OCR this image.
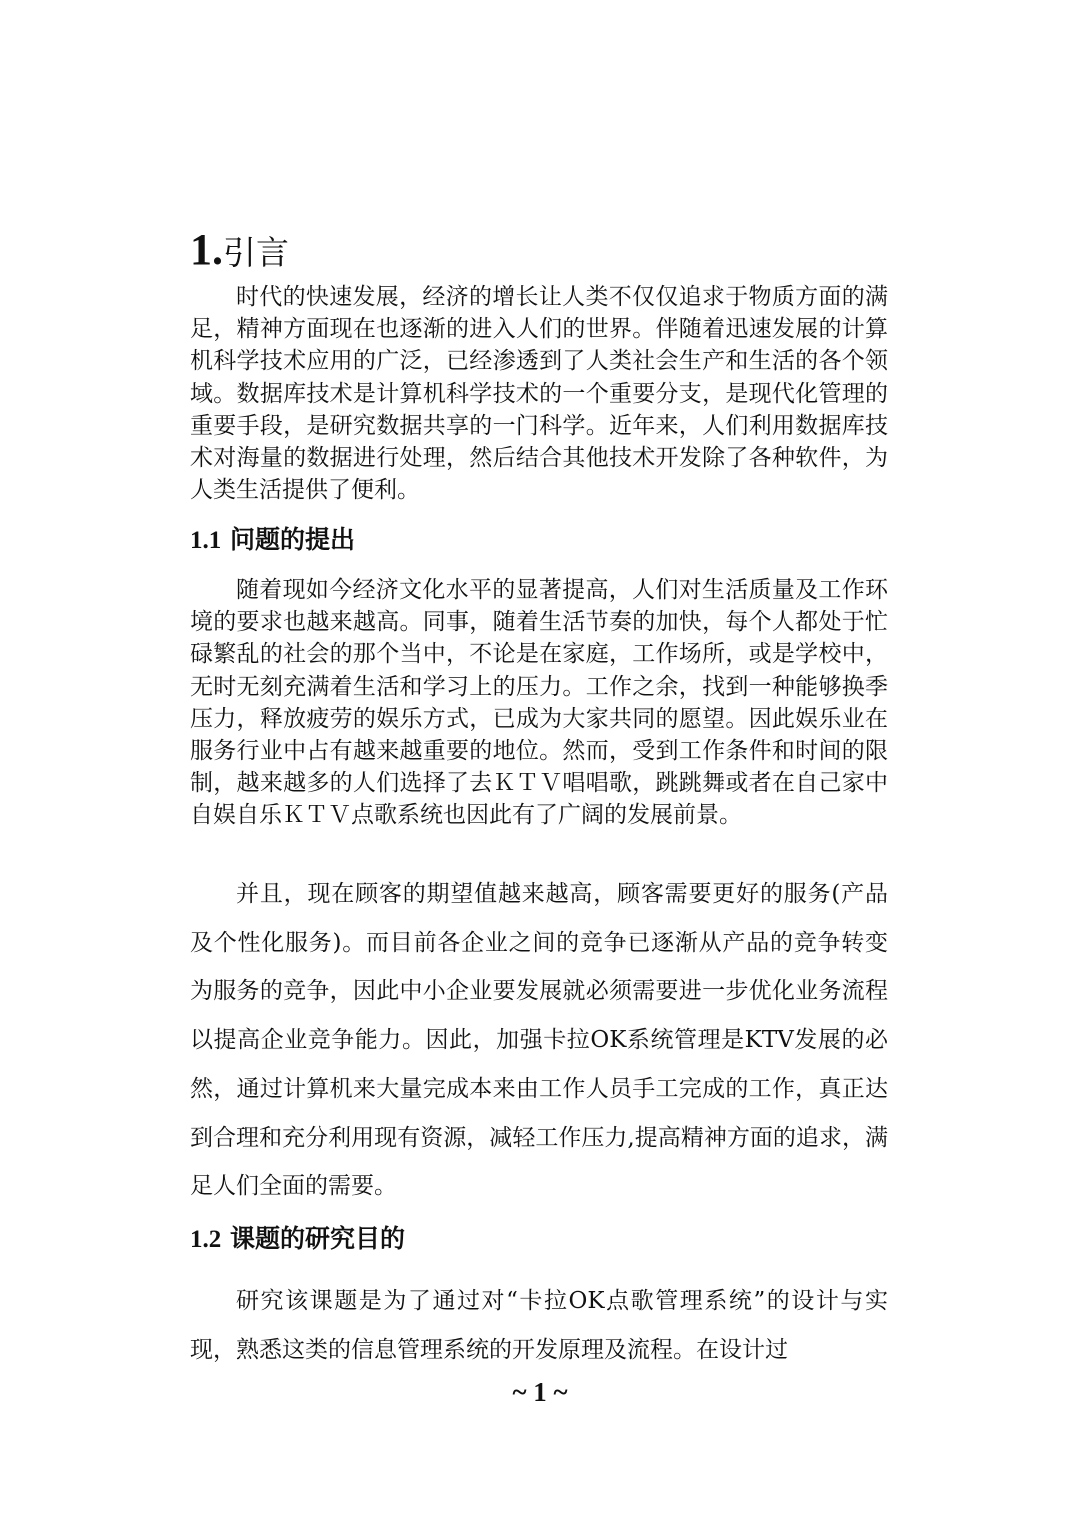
1.引言

时代的快速发展，经济的增长让人类不仅仅追求于物质方面的满足，精神方面现在也逐渐的进入人们的世界。伴随着迅速发展的计算机科学技术应用的广泛，已经渗透到了人类社会生产和生活的各个领域。数据库技术是计算机科学技术的一个重要分支，是现代化管理的重要手段，是研究数据共享的一门科学。近年来，人们利用数据库技术对海量的数据进行处理，然后结合其他技术开发除了各种软件，为人类生活提供了便利。

1.1 问题的提出

随着现如今经济文化水平的显著提高，人们对生活质量及工作环境的要求也越来越高。同事，随着生活节奏的加快，每个人都处于忙碌繁乱的社会的那个当中，不论是在家庭，工作场所，或是学校中，无时无刻充满着生活和学习上的压力。工作之余，找到一种能够换季压力，释放疲劳的娱乐方式，已成为大家共同的愿望。因此娱乐业在服务行业中占有越来越重要的地位。然而，受到工作条件和时间的限制，越来越多的人们选择了去ＫＴＶ唱唱歌，跳跳舞或者在自己家中自娱自乐ＫＴＶ点歌系统也因此有了广阔的发展前景。

并且，现在顾客的期望值越来越高，顾客需要更好的服务(产品及个性化服务)。而目前各企业之间的竞争已逐渐从产品的竞争转变为服务的竞争，因此中小企业要发展就必须需要进一步优化业务流程以提高企业竞争能力。因此，加强卡拉OK系统管理是KTV发展的必然，通过计算机来大量完成本来由工作人员手工完成的工作，真正达到合理和充分利用现有资源，减轻工作压力,提高精神方面的追求，满足人们全面的需要。

1.2 课题的研究目的

研究该课题是为了通过对“卡拉OK点歌管理系统”的设计与实现，熟悉这类的信息管理系统的开发原理及流程。在设计过

~ 1 ~
